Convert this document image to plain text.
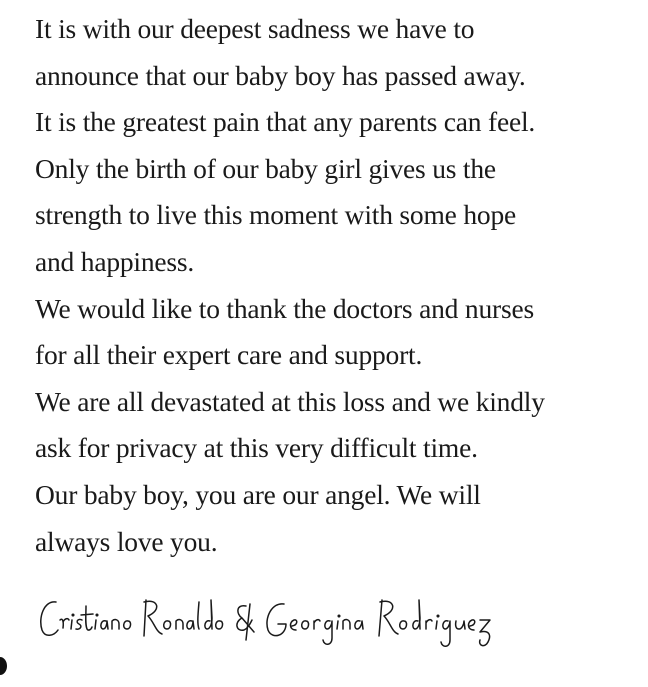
It is with our deepest sadness we have to
announce that our baby boy has passed away.
It is the greatest pain that any parents can feel.
Only the birth of our baby girl gives us the
strength to live this moment with some hope
and happiness.
We would like to thank the doctors and nurses
for all their expert care and support.
We are all devastated at this loss and we kindly
ask for privacy at this very difficult time.
Our baby boy, you are our angel. We will
always love you.
